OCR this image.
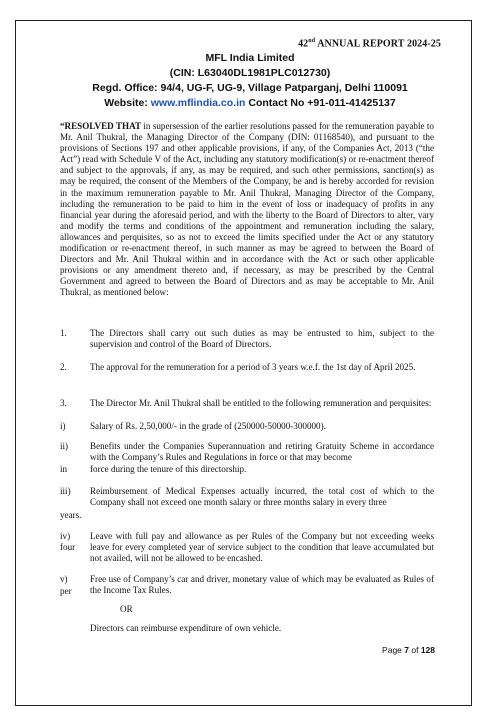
42nd ANNUAL REPORT 2024-25
MFL India Limited
(CIN: L63040DL1981PLC012730)
Regd. Office: 94/4, UG-F, UG-9, Village Patparganj, Delhi 110091
Website: www.mflindia.co.in Contact No +91-011-41425137
“RESOLVED THAT in supersession of the earlier resolutions passed for the remuneration payable to Mr. Anil Thukral, the Managing Director of the Company (DIN: 01168540), and pursuant to the provisions of Sections 197 and other applicable provisions, if any, of the Companies Act, 2013 (“the Act”) read with Schedule V of the Act, including any statutory modification(s) or re-enactment thereof and subject to the approvals, if any, as may be required, and such other permissions, sanction(s) as may be required, the consent of the Members of the Company, be and is hereby accorded for revision in the maximum remuneration payable to Mr. Anil Thukral, Managing Director of the Company, including the remuneration to be paid to him in the event of loss or inadequacy of profits in any financial year during the aforesaid period, and with the liberty to the Board of Directors to alter, vary and modify the terms and conditions of the appointment and remuneration including the salary, allowances and perquisites, so as not to exceed the limits specified under the Act or any statutory modification or re-enactment thereof, in such manner as may be agreed to between the Board of Directors and Mr. Anil Thukral within and in accordance with the Act or such other applicable provisions or any amendment thereto and, if necessary, as may be prescribed by the Central Government and agreed to between the Board of Directors and as may be acceptable to Mr. Anil Thukral, as mentioned below:
1.	The Directors shall carry out such duties as may be entrusted to him, subject to the supervision and control of the Board of Directors.
2.	The approval for the remuneration for a period of 3 years w.e.f. the 1st day of April 2025.
3.	The Director Mr. Anil Thukral shall be entitled to the following remuneration and perquisites:
i)	Salary of Rs. 2,50,000/- in the grade of (250000-50000-300000).
ii) Benefits under the Companies Superannuation and retiring Gratuity Scheme in accordance with the Company’s Rules and Regulations in force or that may become
in	force during the tenure of this directorship.
iii) Reimbursement of Medical Expenses actually incurred, the total cost of which to the Company shall not exceed one month salary or three months salary in every three
years.
iv)
four
Leave with full pay and allowance as per Rules of the Company but not exceeding weeks leave for every completed year of service subject to the condition that leave accumulated but not availed, will not be allowed to be encashed.
v)
per
Free use of Company’s car and driver, monetary value of which may be evaluated as Rules of the Income Tax Rules.
OR
Directors can reimburse expenditure of own vehicle.
Page 7 of 128
